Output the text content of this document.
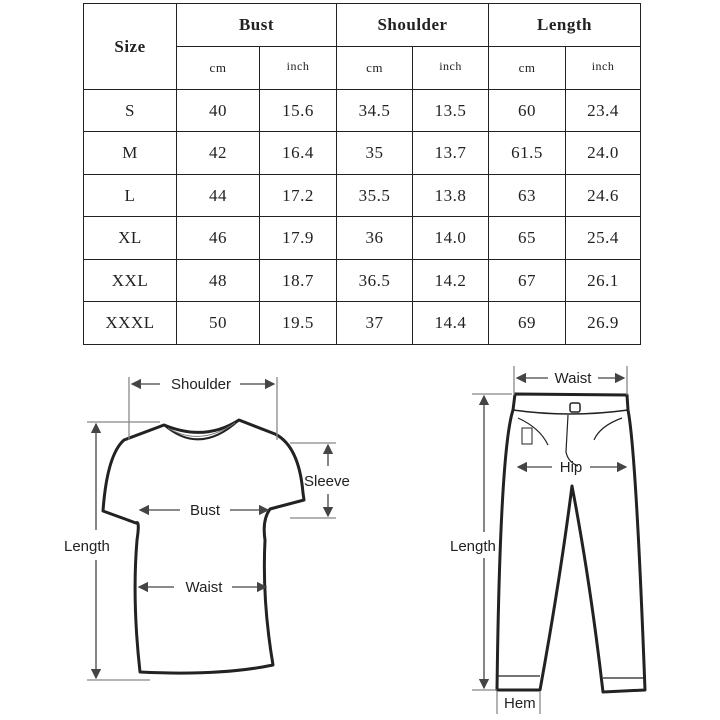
Size	Bust		Shoulder		Length	
	cm	inch	cm	inch	cm	inch
S	40	15.6	34.5	13.5	60	23.4
M	42	16.4	35	13.7	61.5	24.0
L	44	17.2	35.5	13.8	63	24.6
XL	46	17.9	36	14.0	65	25.4
XXL	48	18.7	36.5	14.2	67	26.1
XXXL	50	19.5	37	14.4	69	26.9
Shoulder
Sleeve
Bust
Length
Waist
Waist
Hip
Length
Hem
